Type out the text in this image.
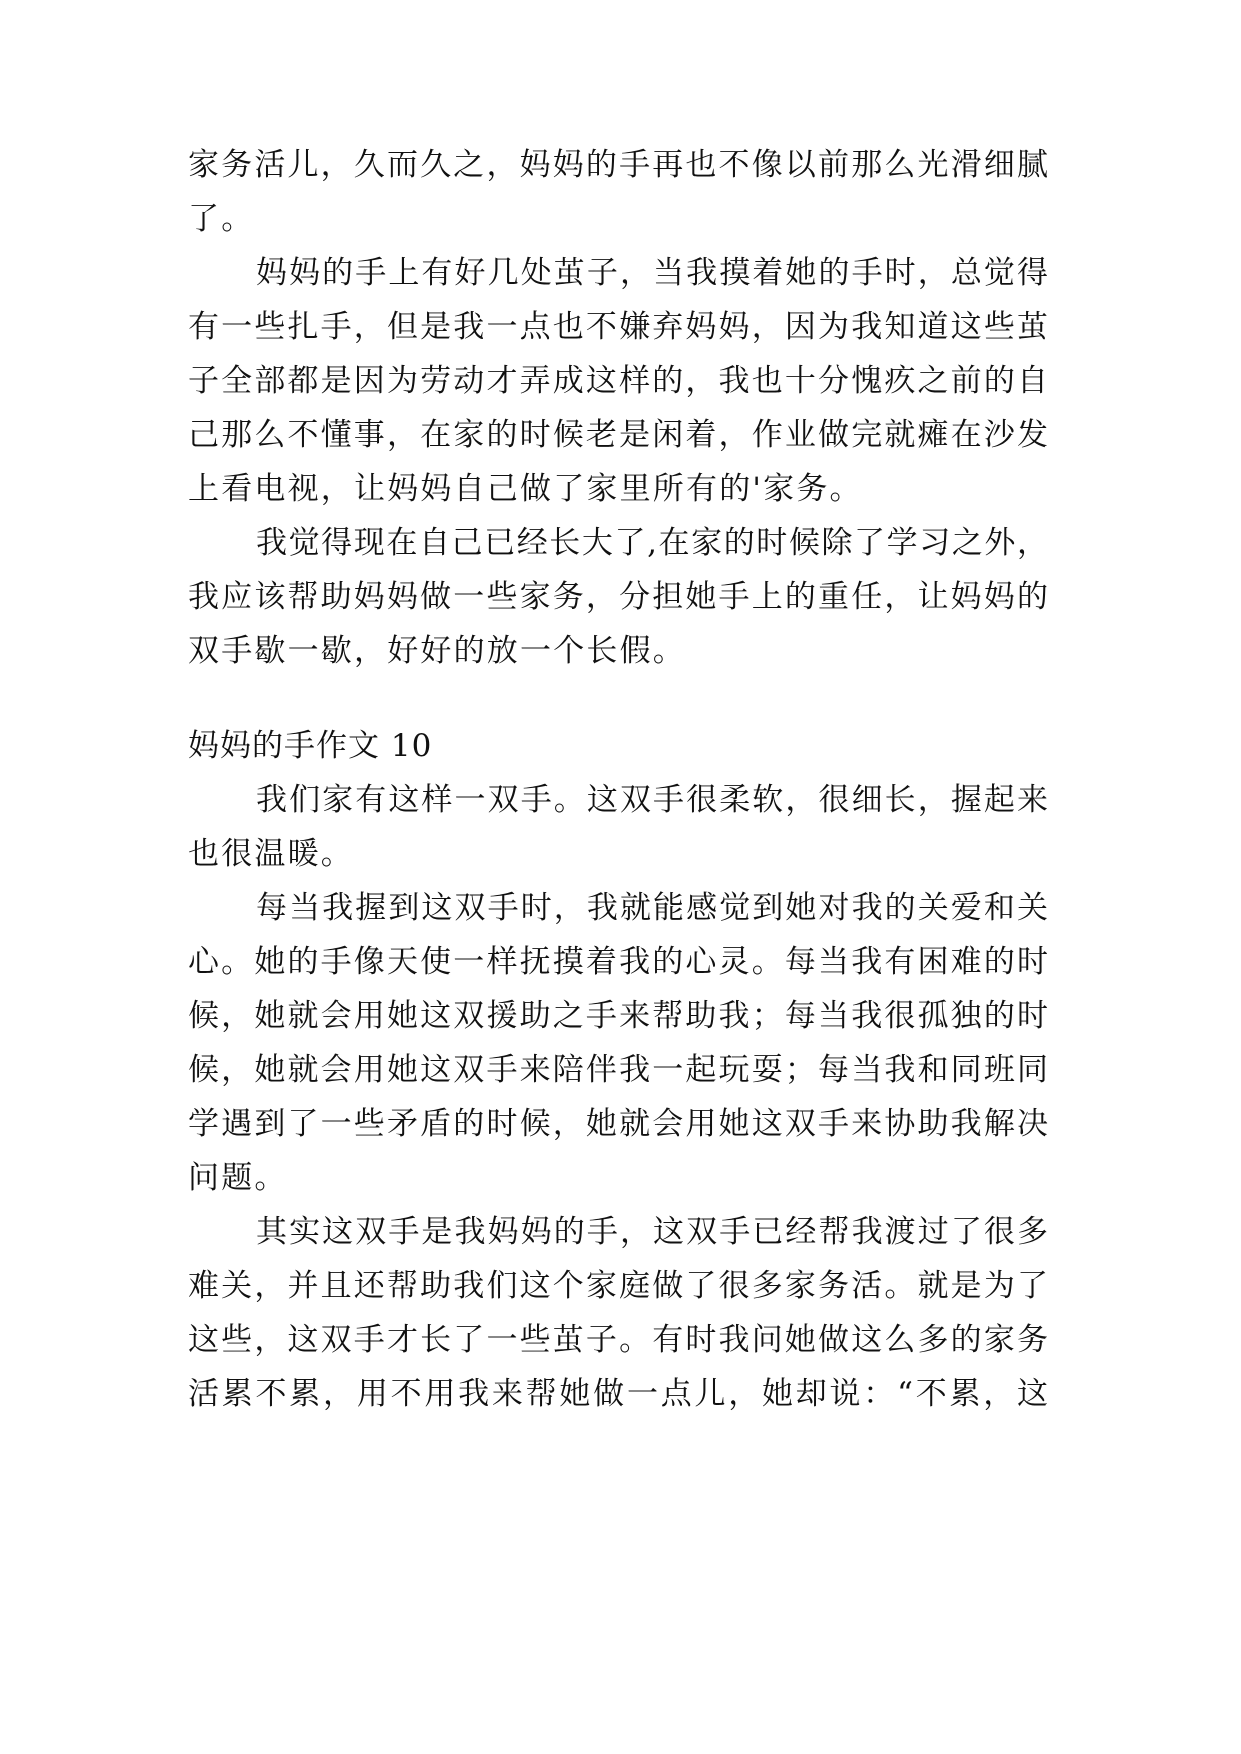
家务活儿，久而久之，妈妈的手再也不像以前那么光滑细腻
了。
妈妈的手上有好几处茧子，当我摸着她的手时，总觉得
有一些扎手，但是我一点也不嫌弃妈妈，因为我知道这些茧
子全部都是因为劳动才弄成这样的，我也十分愧疚之前的自
己那么不懂事，在家的时候老是闲着，作业做完就瘫在沙发
上看电视，让妈妈自己做了家里所有的'家务。
我觉得现在自己已经长大了,在家的时候除了学习之外，
我应该帮助妈妈做一些家务，分担她手上的重任，让妈妈的
双手歇一歇，好好的放一个长假。
妈妈的手作文 10
我们家有这样一双手。这双手很柔软，很细长，握起来
也很温暖。
每当我握到这双手时，我就能感觉到她对我的关爱和关
心。她的手像天使一样抚摸着我的心灵。每当我有困难的时
候，她就会用她这双援助之手来帮助我；每当我很孤独的时
候，她就会用她这双手来陪伴我一起玩耍；每当我和同班同
学遇到了一些矛盾的时候，她就会用她这双手来协助我解决
问题。
其实这双手是我妈妈的手，这双手已经帮我渡过了很多
难关，并且还帮助我们这个家庭做了很多家务活。就是为了
这些，这双手才长了一些茧子。有时我问她做这么多的家务
活累不累，用不用我来帮她做一点儿，她却说：“不累，这
